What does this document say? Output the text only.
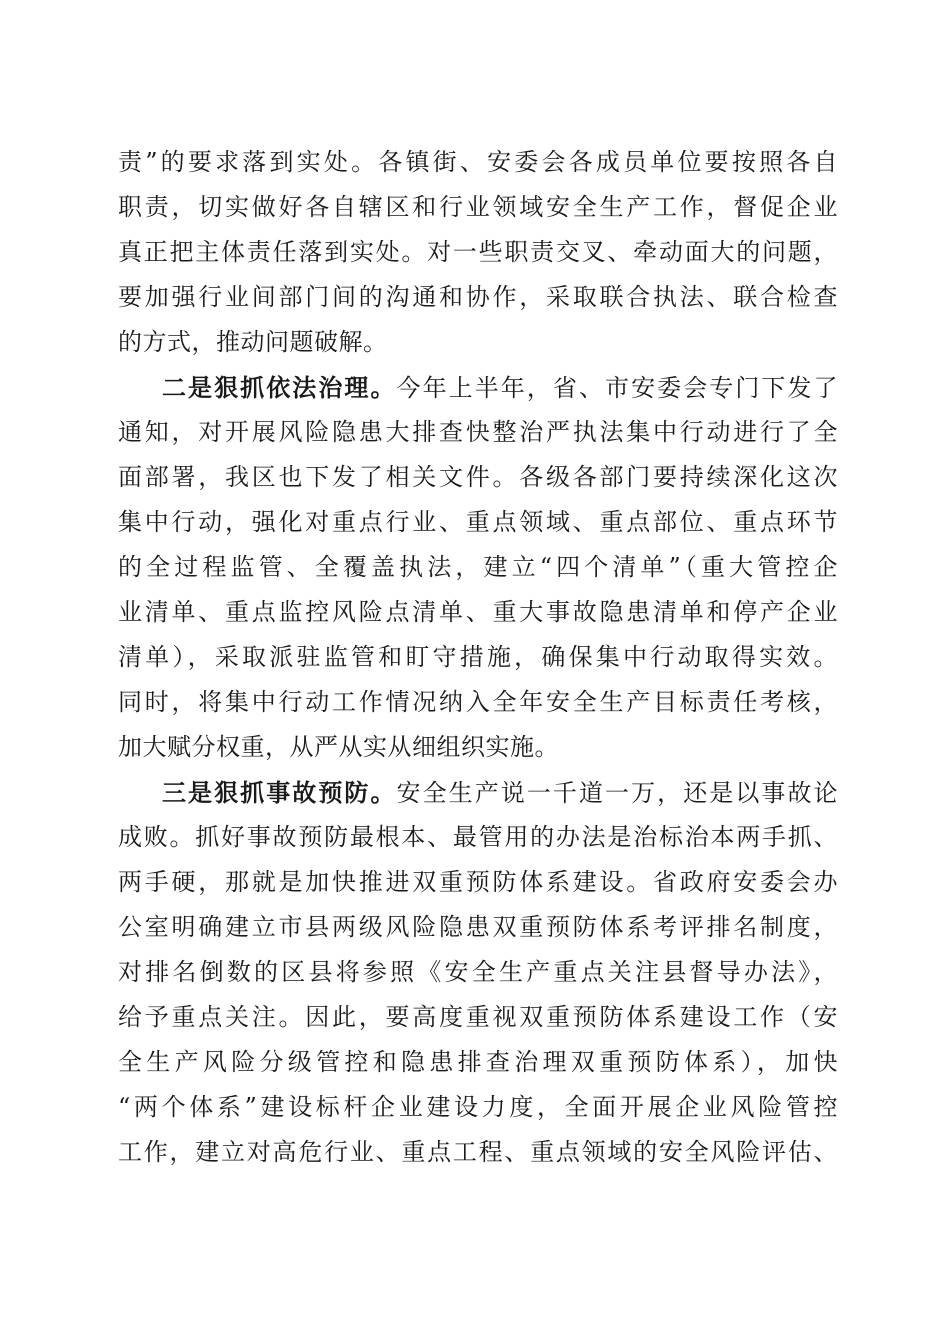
责”的要求落到实处。各镇街、安委会各成员单位要按照各自
职责，切实做好各自辖区和行业领域安全生产工作，督促企业
真正把主体责任落到实处。对一些职责交叉、牵动面大的问题，
要加强行业间部门间的沟通和协作，采取联合执法、联合检查
的方式，推动问题破解。
二是狠抓依法治理。今年上半年，省、市安委会专门下发了
通知，对开展风险隐患大排查快整治严执法集中行动进行了全
面部署，我区也下发了相关文件。各级各部门要持续深化这次
集中行动，强化对重点行业、重点领域、重点部位、重点环节
的全过程监管、全覆盖执法，建立“四个清单”（重大管控企
业清单、重点监控风险点清单、重大事故隐患清单和停产企业
清单），采取派驻监管和盯守措施，确保集中行动取得实效。
同时，将集中行动工作情况纳入全年安全生产目标责任考核，
加大赋分权重，从严从实从细组织实施。
三是狠抓事故预防。安全生产说一千道一万，还是以事故论
成败。抓好事故预防最根本、最管用的办法是治标治本两手抓、
两手硬，那就是加快推进双重预防体系建设。省政府安委会办
公室明确建立市县两级风险隐患双重预防体系考评排名制度，
对排名倒数的区县将参照《安全生产重点关注县督导办法》，
给予重点关注。因此，要高度重视双重预防体系建设工作（安
全生产风险分级管控和隐患排查治理双重预防体系），加快
“两个体系”建设标杆企业建设力度，全面开展企业风险管控
工作，建立对高危行业、重点工程、重点领域的安全风险评估、
